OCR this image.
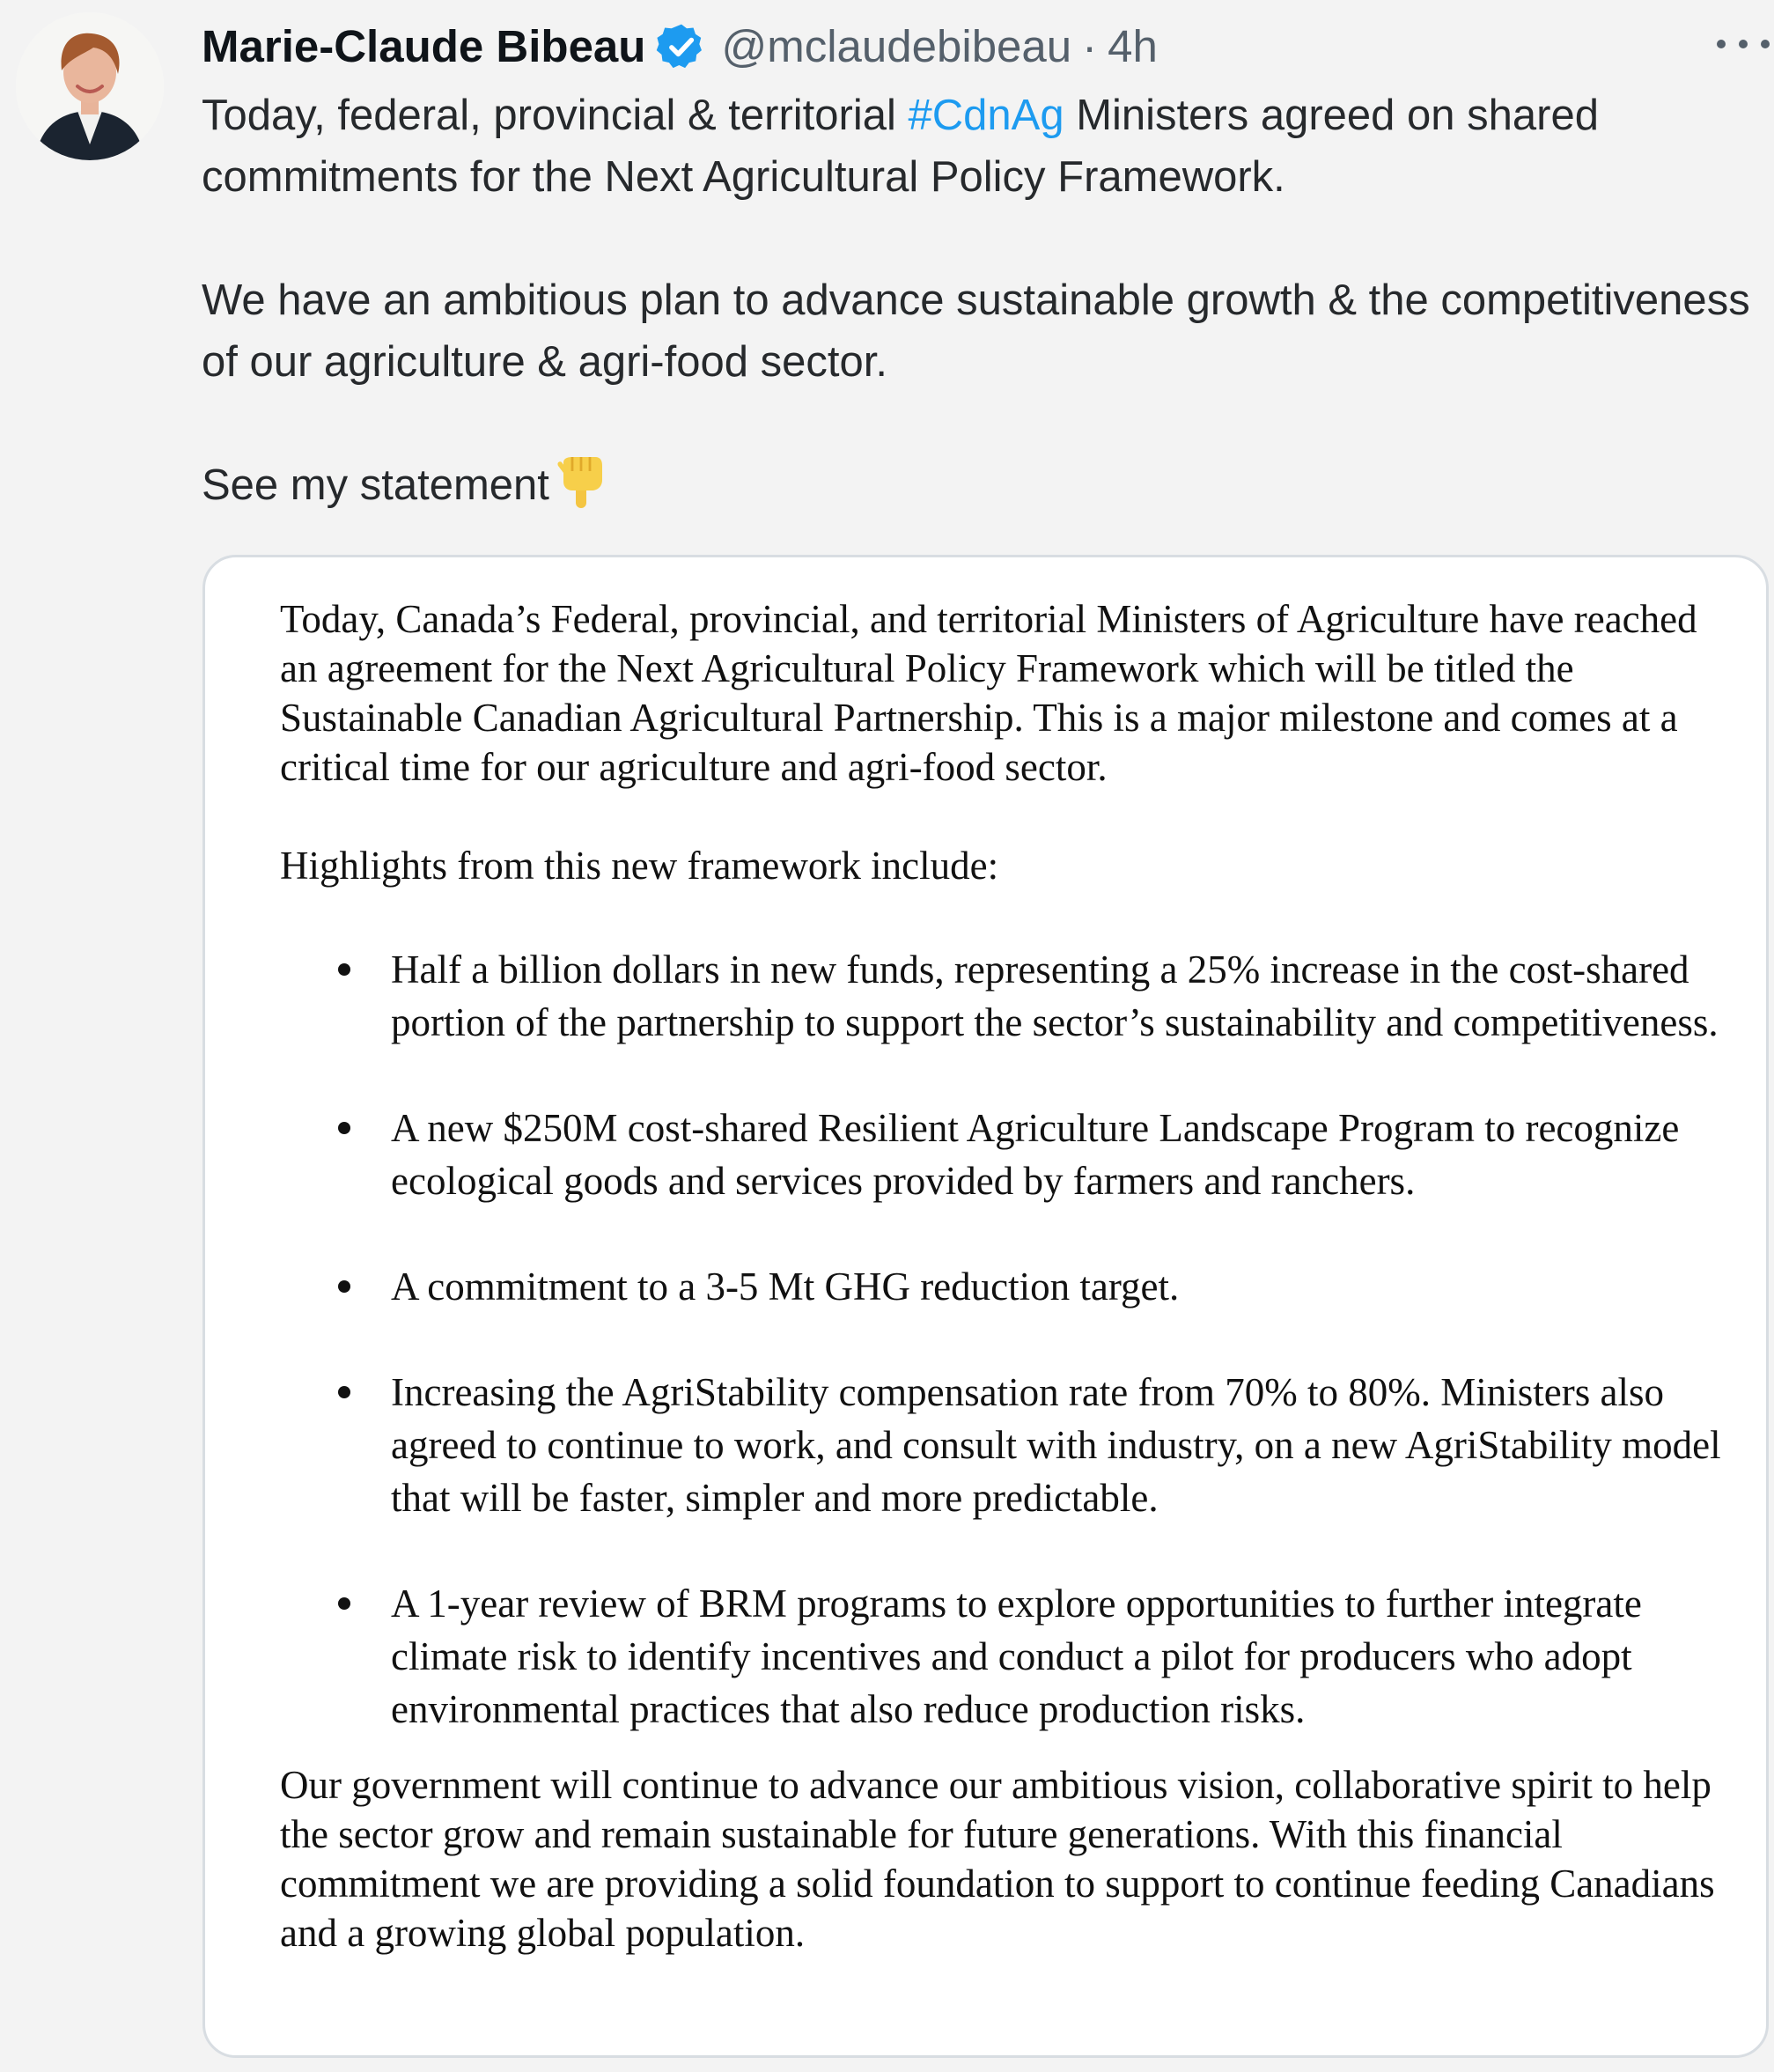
Marie-Claude Bibeau @mclaudebibeau · 4h

Today, federal, provincial & territorial #CdnAg Ministers agreed on shared commitments for the Next Agricultural Policy Framework.

We have an ambitious plan to advance sustainable growth & the competitiveness of our agriculture & agri-food sector.

See my statement

Today, Canada’s Federal, provincial, and territorial Ministers of Agriculture have reached an agreement for the Next Agricultural Policy Framework which will be titled the Sustainable Canadian Agricultural Partnership. This is a major milestone and comes at a critical time for our agriculture and agri-food sector.

Highlights from this new framework include:

Half a billion dollars in new funds, representing a 25% increase in the cost-shared portion of the partnership to support the sector’s sustainability and competitiveness.
A new $250M cost-shared Resilient Agriculture Landscape Program to recognize ecological goods and services provided by farmers and ranchers.
A commitment to a 3-5 Mt GHG reduction target.
Increasing the AgriStability compensation rate from 70% to 80%. Ministers also agreed to continue to work, and consult with industry, on a new AgriStability model that will be faster, simpler and more predictable.
A 1-year review of BRM programs to explore opportunities to further integrate climate risk to identify incentives and conduct a pilot for producers who adopt environmental practices that also reduce production risks.

Our government will continue to advance our ambitious vision, collaborative spirit to help the sector grow and remain sustainable for future generations. With this financial commitment we are providing a solid foundation to support to continue feeding Canadians and a growing global population.
